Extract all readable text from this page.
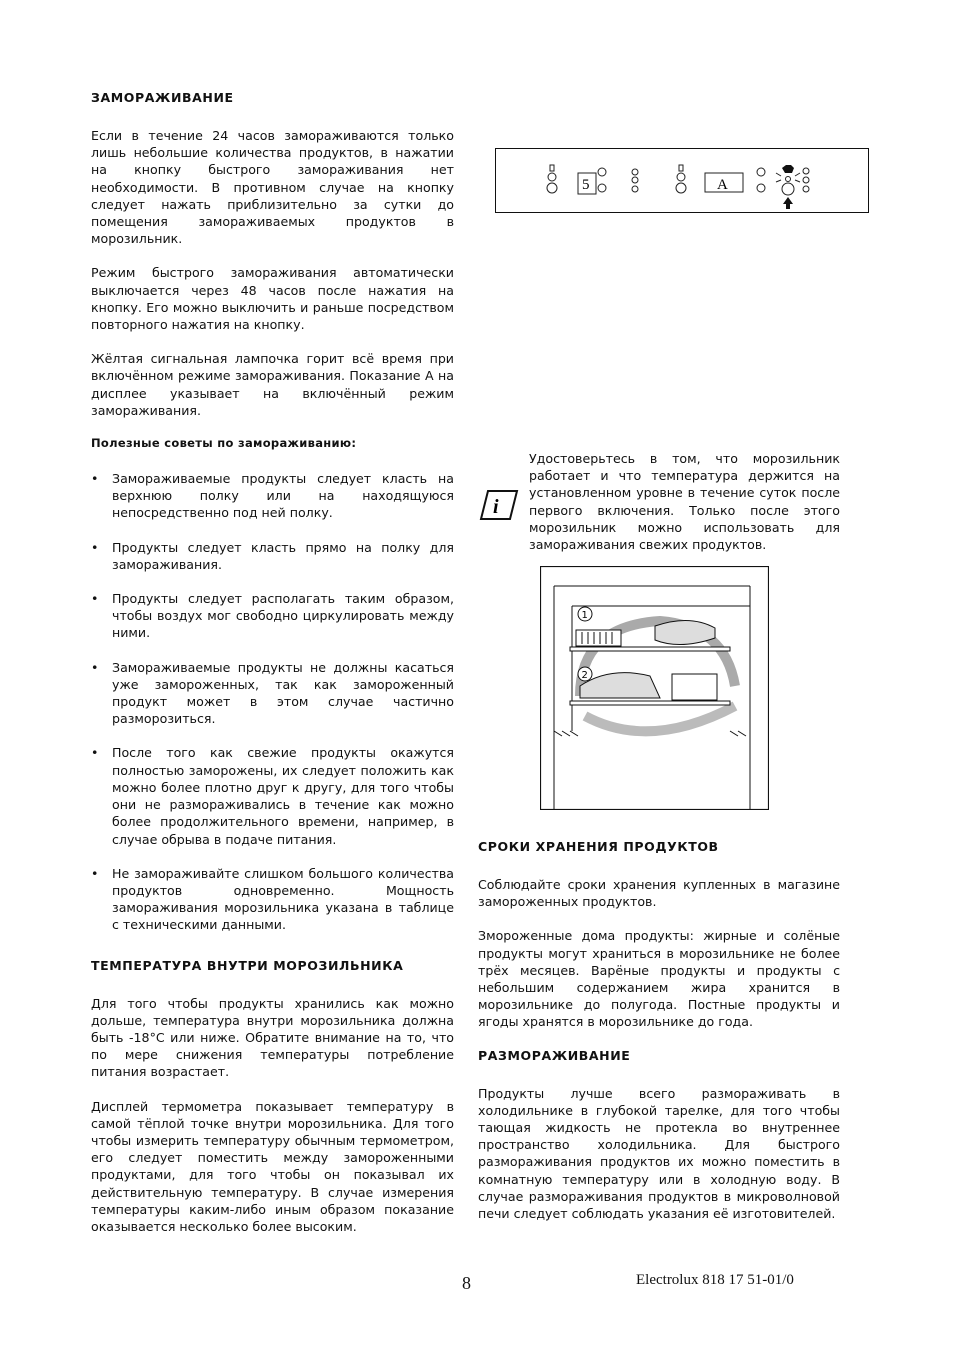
ЗАМОРАЖИВАНИЕ

Если в течение 24 часов замораживаются только лишь небольшие количества продуктов, в нажатии на кнопку быстрого замораживания нет необходимости. В противном случае на кнопку следует нажать приблизительно за сутки до помещения замораживаемых продуктов в морозильник.

Режим быстрого замораживания автоматически выключается через 48 часов после нажатия на кнопку. Его можно выключить и раньше посредством повторного нажатия на кнопку.

Жёлтая сигнальная лампочка горит всё время при включённом режиме замораживания. Показание А на дисплее указывает на включённый режим замораживания.

Полезные советы по замораживанию:
• Замораживаемые продукты следует класть на верхнюю полку или на находящуюся непосредственно под ней полку.
• Продукты следует класть прямо на полку для замораживания.
• Продукты следует располагать таким образом, чтобы воздух мог свободно циркулировать между ними.
• Замораживаемые продукты не должны касаться уже замороженных, так как замороженный продукт может в этом случае частично разморозиться.
• После того как свежие продукты окажутся полностью заморожены, их следует положить как можно более плотно друг к другу, для того чтобы они не размораживались в течение как можно более продолжительного времени, например, в случае обрыва в подаче питания.
• Не замораживайте слишком большого количества продуктов одновременно. Мощность замораживания морозильника указана в таблице с техническими данными.
ТЕМПЕРАТУРА ВНУТРИ МОРОЗИЛЬНИКА

Для того чтобы продукты хранились как можно дольше, температура внутри морозильника должна быть -18°С или ниже. Обратите внимание на то, что по мере снижения температуры потребление питания возрастает.

Дисплей термометра показывает температуру в самой тёплой точке внутри морозильника. Для того чтобы измерить температуру обычным термометром, его следует поместить между замороженными продуктами, для того чтобы он показывал их действительную температуру. В случае измерения температуры каким-либо иным образом показание оказывается несколько более высоким.

5	A
i

Удостоверьтесь в том, что морозильник работает и что температура держится на установленном уровне в течение суток после первого включения. Только после этого морозильник можно использовать для замораживания свежих продуктов.

1
2
СРОКИ ХРАНЕНИЯ ПРОДУКТОВ

Соблюдайте сроки хранения купленных в магазине замороженных продуктов.

Змороженные дома продукты: жирные и солёные продукты могут храниться в морозильнике не более трёх месяцев. Варёные продукты и продукты с небольшим содержанием жира хранится в морозильнике до полугода. Постные продукты и ягоды хранятся в морозильнике до года.

РАЗМОРАЖИВАНИЕ

Продукты лучше всего размораживать в холодильнике в глубокой тарелке, для того чтобы тающая жидкость не протекла во внутреннее пространство холодильника. Для быстрого размораживания продуктов их можно поместить в комнатную температуру или в холодную воду. В случае размораживания продуктов в микроволновой печи следует соблюдать указания её изготовителей.

8	Electrolux 818 17 51-01/0
